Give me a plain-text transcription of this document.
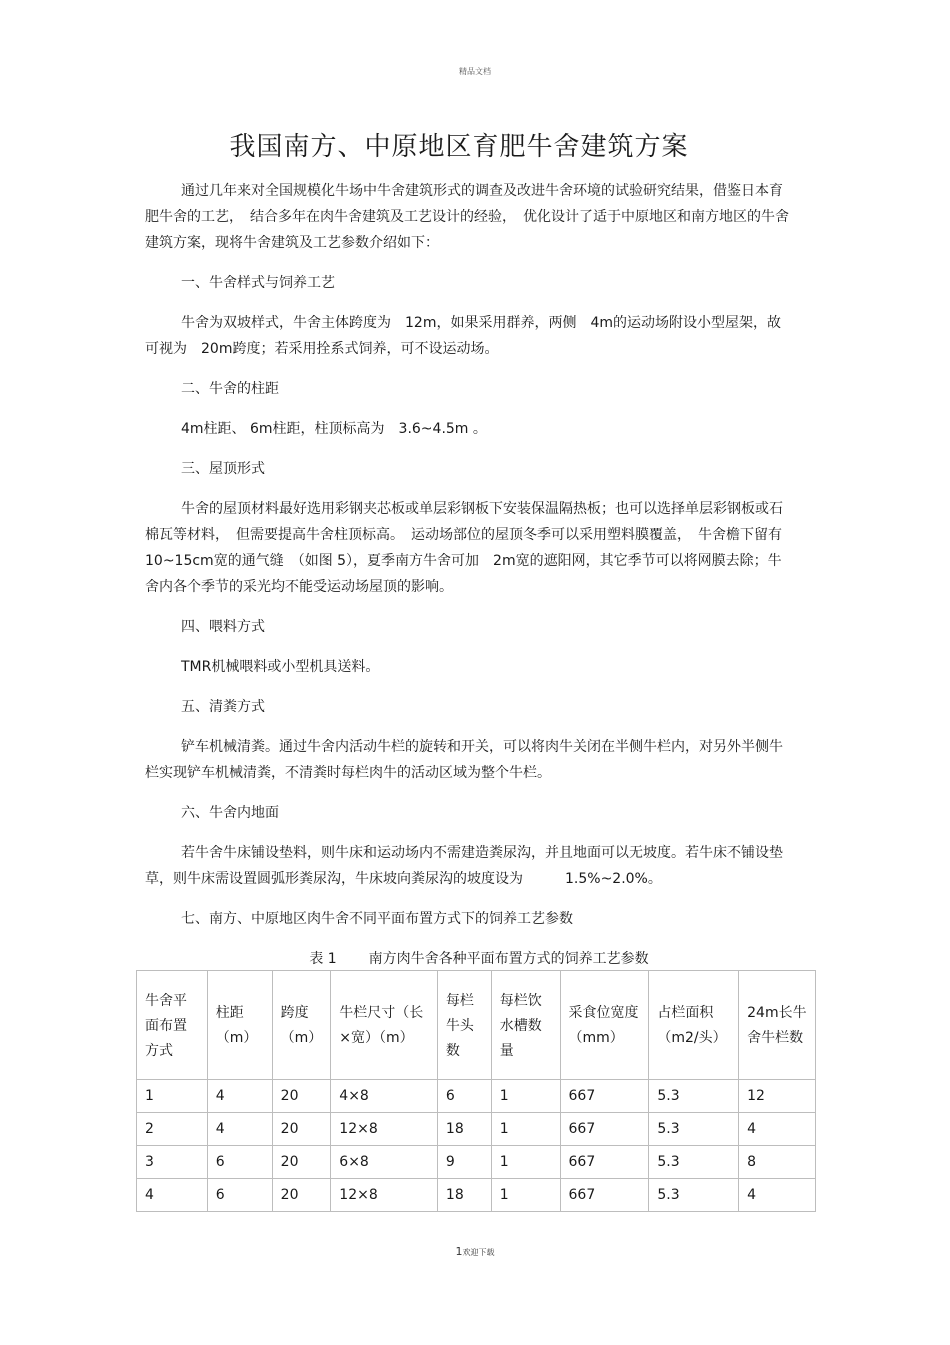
精品文档
我国南方、中原地区育肥牛舍建筑方案

通过几年来对全国规模化牛场中牛舍建筑形式的调查及改进牛舍环境的试验研究结果，借鉴日本育肥牛舍的工艺，　结合多年在肉牛舍建筑及工艺设计的经验，　优化设计了适于中原地区和南方地区的牛舍建筑方案，现将牛舍建筑及工艺参数介绍如下：

一、牛舍样式与饲养工艺

牛舍为双坡样式，牛舍主体跨度为　12m，如果采用群养，两侧　4m的运动场附设小型屋架，故可视为　20m跨度；若采用拴系式饲养，可不设运动场。

二、牛舍的柱距

4m柱距、 6m柱距，柱顶标高为　3.6~4.5m 。

三、屋顶形式

牛舍的屋顶材料最好选用彩钢夹芯板或单层彩钢板下安装保温隔热板；也可以选择单层彩钢板或石棉瓦等材料，　但需要提高牛舍柱顶标高。　运动场部位的屋顶冬季可以采用塑料膜覆盖，　牛舍檐下留有　10~15cm宽的通气缝　（如图 5），夏季南方牛舍可加　2m宽的遮阳网，其它季节可以将网膜去除；牛舍内各个季节的采光均不能受运动场屋顶的影响。

四、喂料方式

TMR机械喂料或小型机具送料。

五、清粪方式

铲车机械清粪。通过牛舍内活动牛栏的旋转和开关，可以将肉牛关闭在半侧牛栏内，对另外半侧牛栏实现铲车机械清粪，不清粪时每栏肉牛的活动区域为整个牛栏。

六、牛舍内地面

若牛舍牛床铺设垫料，则牛床和运动场内不需建造粪尿沟，并且地面可以无坡度。若牛床不铺设垫草，则牛床需设置圆弧形粪尿沟，牛床坡向粪尿沟的坡度设为　　　1.5%~2.0%。

七、南方、中原地区肉牛舍不同平面布置方式下的饲养工艺参数

表 1 南方肉牛舍各种平面布置方式的饲养工艺参数

牛舍平面布置方式	柱距（m）	跨度（m）	牛栏尺寸（长×宽）（m）	每栏牛头数	每栏饮水槽数量	采食位宽度（mm）	占栏面积（m2/头）	24m长牛舍牛栏数
1	4	20	4×8	6	1	667	5.3	12
2	4	20	12×8	18	1	667	5.3	4
3	6	20	6×8	9	1	667	5.3	8
4	6	20	12×8	18	1	667	5.3	4
1欢迎下载
